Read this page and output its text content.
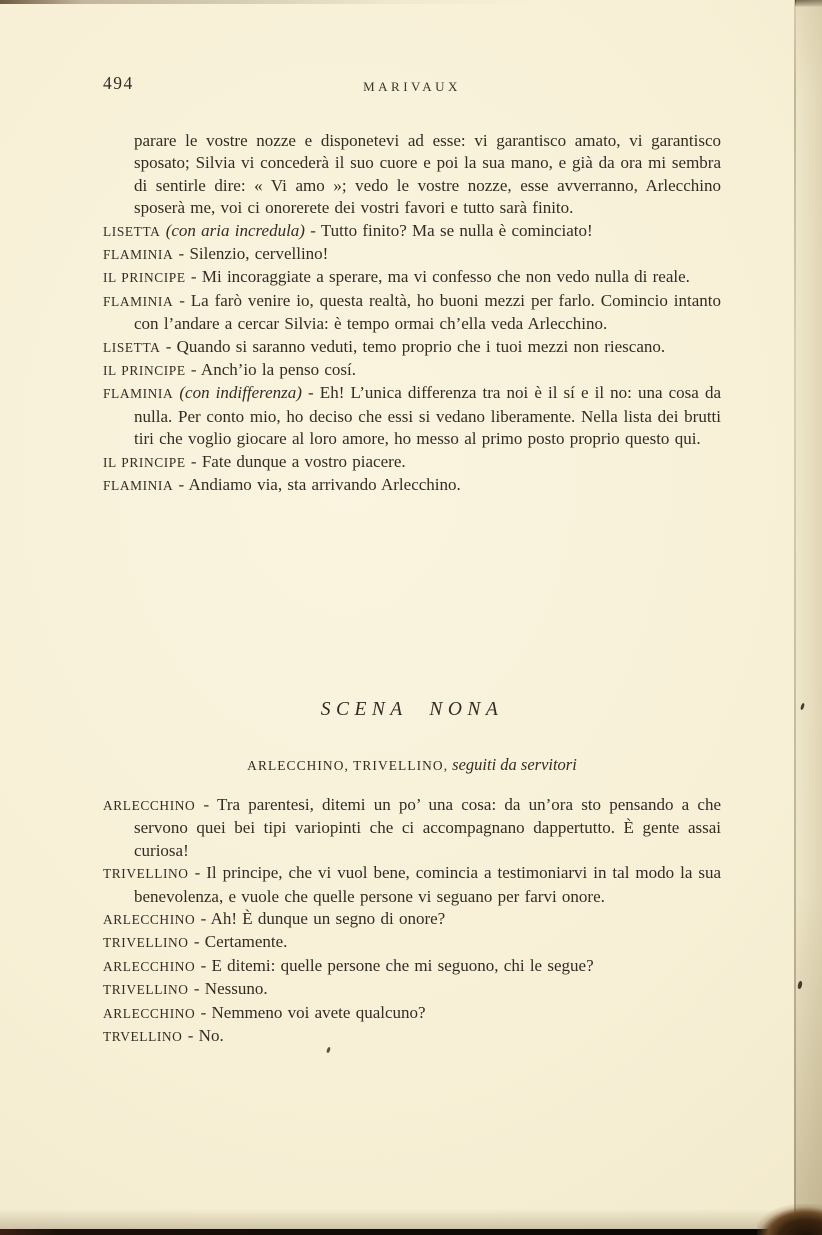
494	MARIVAUX

parare le vostre nozze e disponetevi ad esse: vi garantisco amato, vi garantisco sposato; Silvia vi concederà il suo cuore e poi la sua mano, e già da ora mi sembra di sentirle dire: « Vi amo »; vedo le vostre nozze, esse avverranno, Arlecchino sposerà me, voi ci onorerete dei vostri favori e tutto sarà finito.

LISETTA (con aria incredula) - Tutto finito? Ma se nulla è cominciato!

FLAMINIA - Silenzio, cervellino!

IL PRINCIPE - Mi incoraggiate a sperare, ma vi confesso che non vedo nulla di reale.

FLAMINIA - La farò venire io, questa realtà, ho buoni mezzi per farlo. Comincio intanto con l’andare a cercar Silvia: è tempo ormai ch’ella veda Arlecchino.

LISETTA - Quando si saranno veduti, temo proprio che i tuoi mezzi non riescano.

IL PRINCIPE - Anch’io la penso cosí.

FLAMINIA (con indifferenza) - Eh! L’unica differenza tra noi è il sí e il no: una cosa da nulla. Per conto mio, ho deciso che essi si vedano liberamente. Nella lista dei brutti tiri che voglio giocare al loro amore, ho messo al primo posto proprio questo qui.

IL PRINCIPE - Fate dunque a vostro piacere.

FLAMINIA - Andiamo via, sta arrivando Arlecchino.

SCENA NONA
ARLECCHINO, TRIVELLINO, seguiti da servitori

ARLECCHINO - Tra parentesi, ditemi un po’ una cosa: da un’ora sto pensando a che servono quei bei tipi variopinti che ci accompagnano dappertutto. È gente assai curiosa!

TRIVELLINO - Il principe, che vi vuol bene, comincia a testimoniarvi in tal modo la sua benevolenza, e vuole che quelle persone vi seguano per farvi onore.

ARLECCHINO - Ah! È dunque un segno di onore?

TRIVELLINO - Certamente.

ARLECCHINO - E ditemi: quelle persone che mi seguono, chi le segue?

TRIVELLINO - Nessuno.

ARLECCHINO - Nemmeno voi avete qualcuno?

TRVELLINO - No.
